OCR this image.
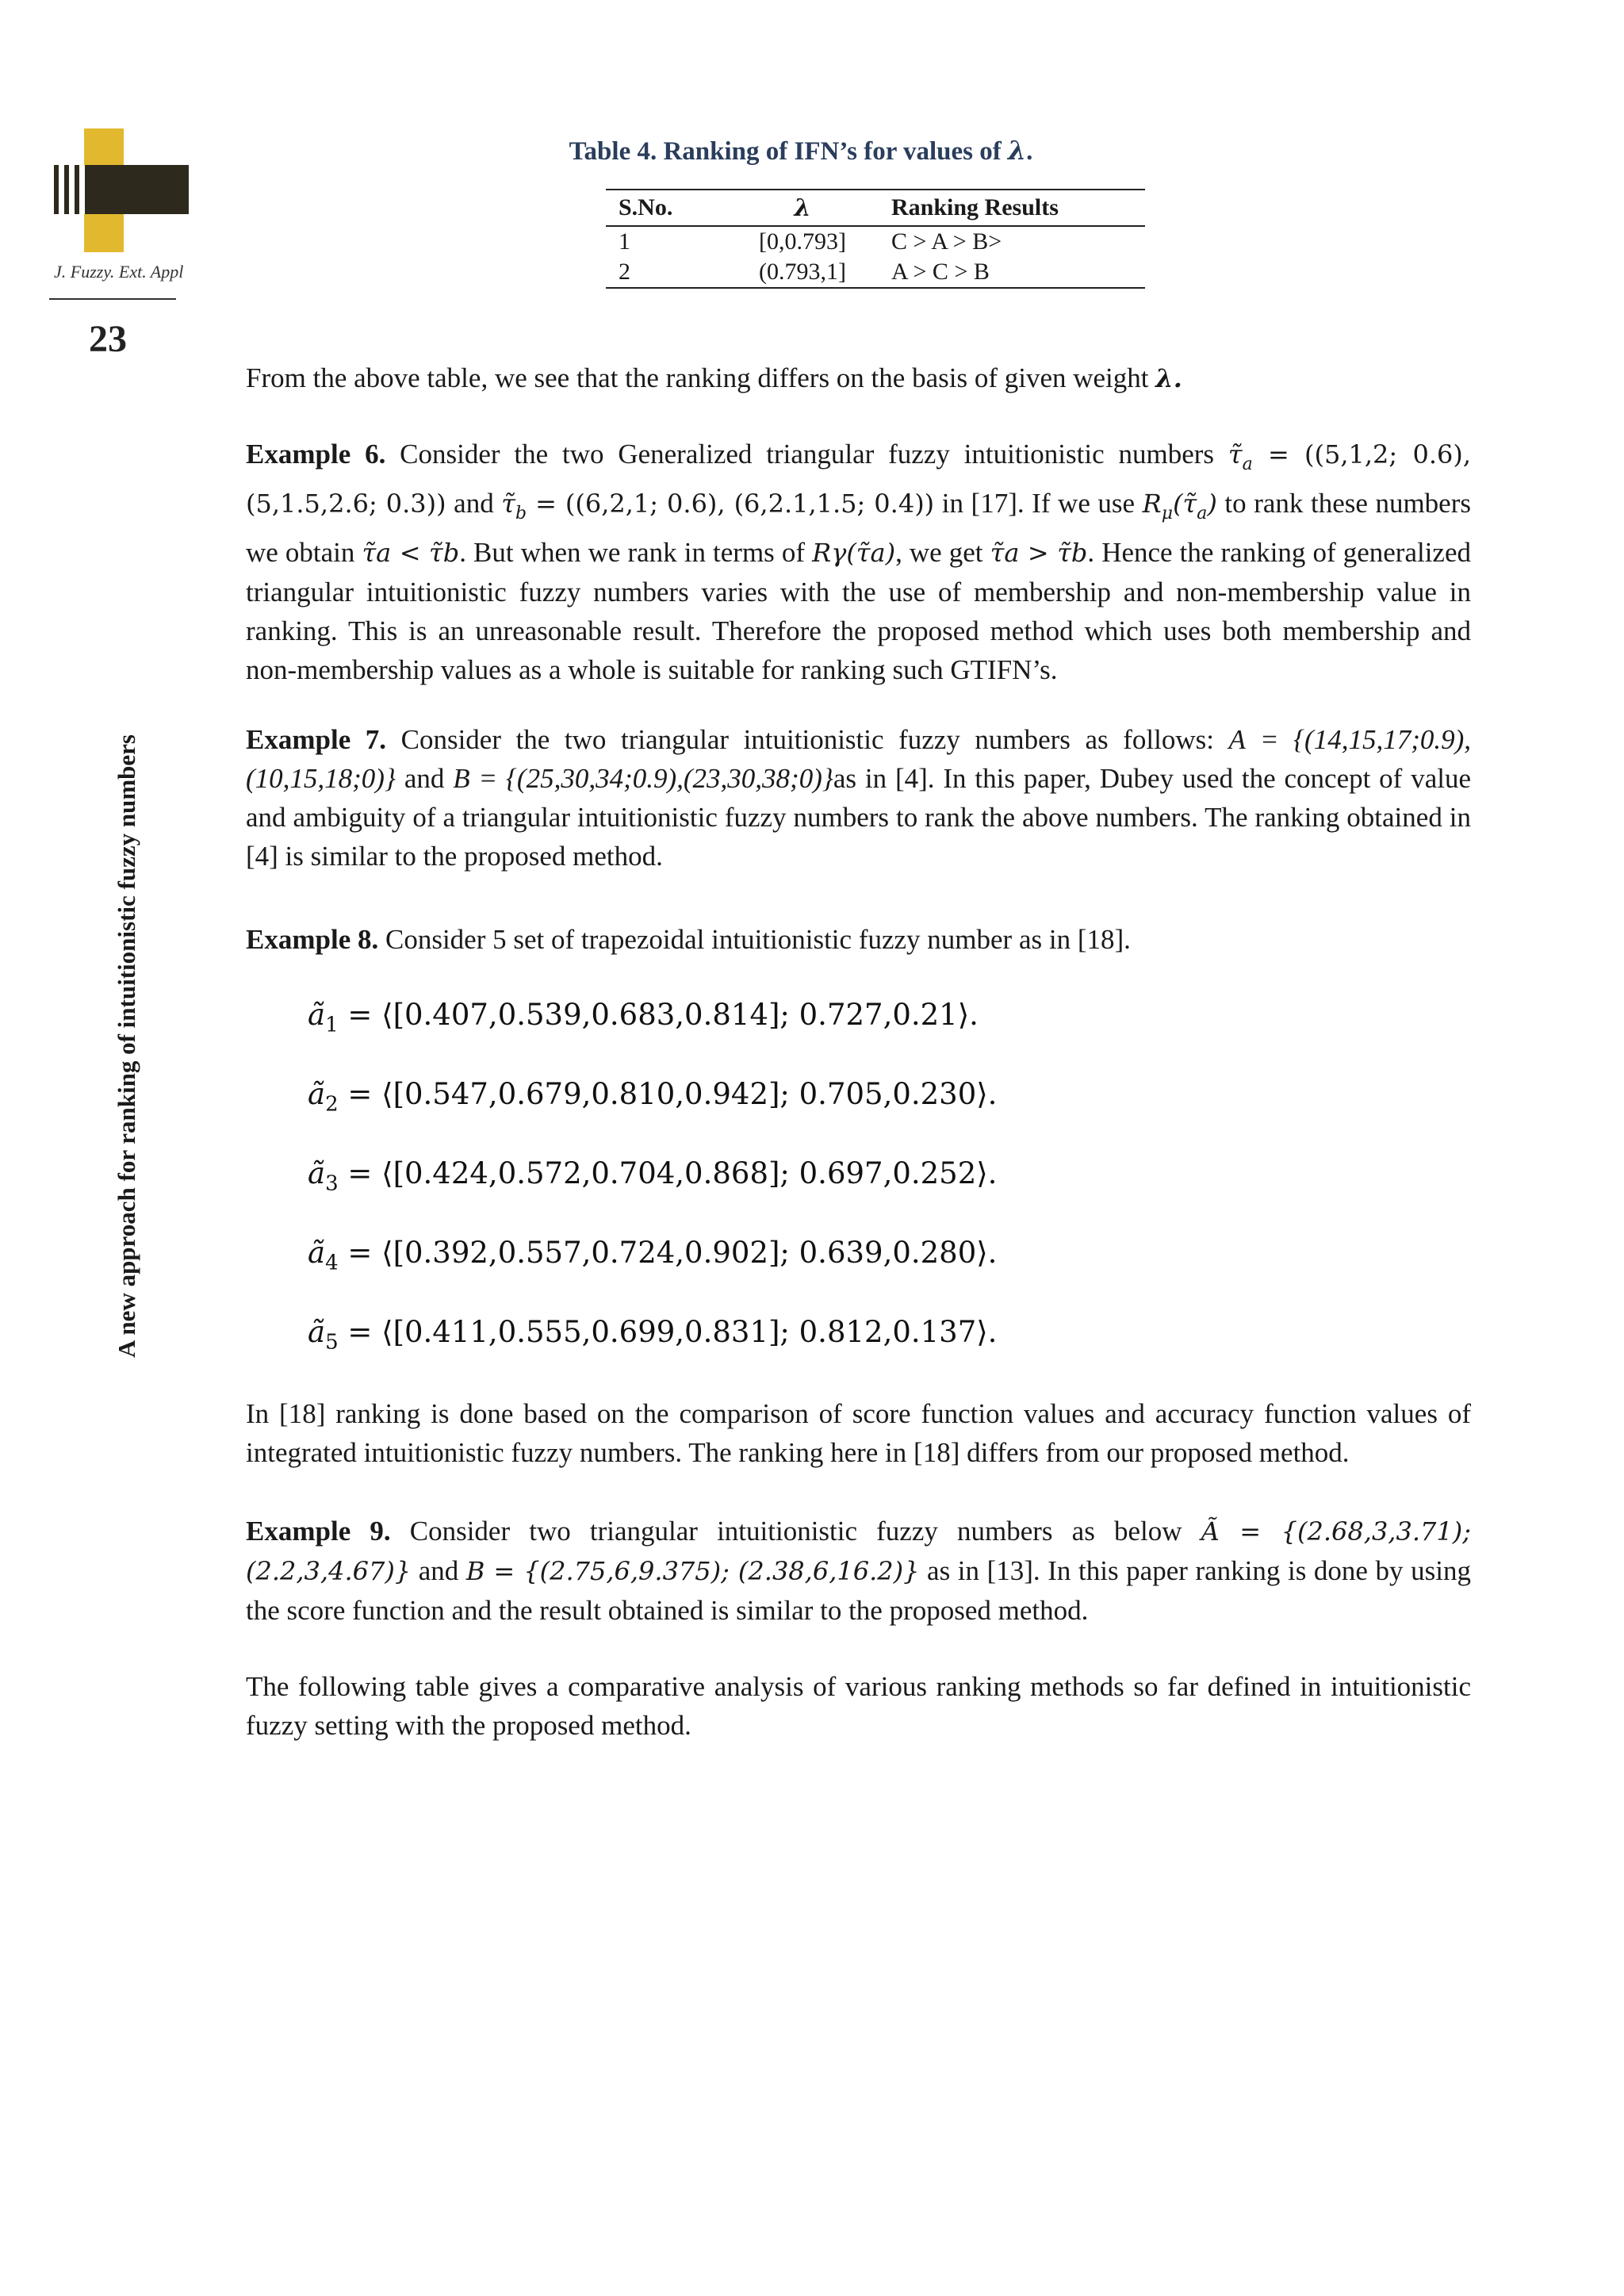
J. Fuzzy. Ext. Appl
23
A new approach for ranking of intuitionistic fuzzy numbers
Table 4. Ranking of IFN’s for values of λ.
S.No.	λ	Ranking Results
1	[0,0.793]	C > A > B>
2	(0.793,1]	A > C > B

From the above table, we see that the ranking differs on the basis of given weight λ.

Example 6. Consider the two Generalized triangular fuzzy intuitionistic numbers $\taũ_a = ((5,1,2$; 0.6), (5,1.5,2.6; 0.3)) and $\taũ_b = ((6,2,1$; 0.6), (6,2.1,1.5; 0.4)) in [17]. If we use $R_\mu(\taũ_a)$ to rank these numbers we obtain τ̃a < τ̃b. But when we rank in terms of Rγ(τ̃a), we get τ̃a > τ̃b. Hence the ranking of generalized triangular intuitionistic fuzzy numbers varies with the use of membership and non-membership value in ranking. This is an unreasonable result. Therefore the proposed method which uses both membership and non-membership values as a whole is suitable for ranking such GTIFN’s.

Example 7. Consider the two triangular intuitionistic fuzzy numbers as follows: A = {(14,15,17;0.9),(10,15,18;0)} and B = {(25,30,34;0.9),(23,30,38;0)}as in [4]. In this paper, Dubey used the concept of value and ambiguity of a triangular intuitionistic fuzzy numbers to rank the above numbers. The ranking obtained in [4] is similar to the proposed method.

Example 8. Consider 5 set of trapezoidal intuitionistic fuzzy number as in [18].

$ã_1$ = ⟨[0.407,0.539,0.683,0.814]; 0.727,0.21⟩.
$ã_2$ = ⟨[0.547,0.679,0.810,0.942]; 0.705,0.230⟩.
$ã_3$ = ⟨[0.424,0.572,0.704,0.868]; 0.697,0.252⟩.
$ã_4$ = ⟨[0.392,0.557,0.724,0.902]; 0.639,0.280⟩.
$ã_5$ = ⟨[0.411,0.555,0.699,0.831]; 0.812,0.137⟩.

In [18] ranking is done based on the comparison of score function values and accuracy function values of integrated intuitionistic fuzzy numbers. The ranking here in [18] differs from our proposed method.

Example 9. Consider two triangular intuitionistic fuzzy numbers as below Ã = {(2.68,3,3.71); (2.2,3,4.67)} and B = {(2.75,6,9.375); (2.38,6,16.2)} as in [13]. In this paper ranking is done by using the score function and the result obtained is similar to the proposed method.

The following table gives a comparative analysis of various ranking methods so far defined in intuitionistic fuzzy setting with the proposed method.
